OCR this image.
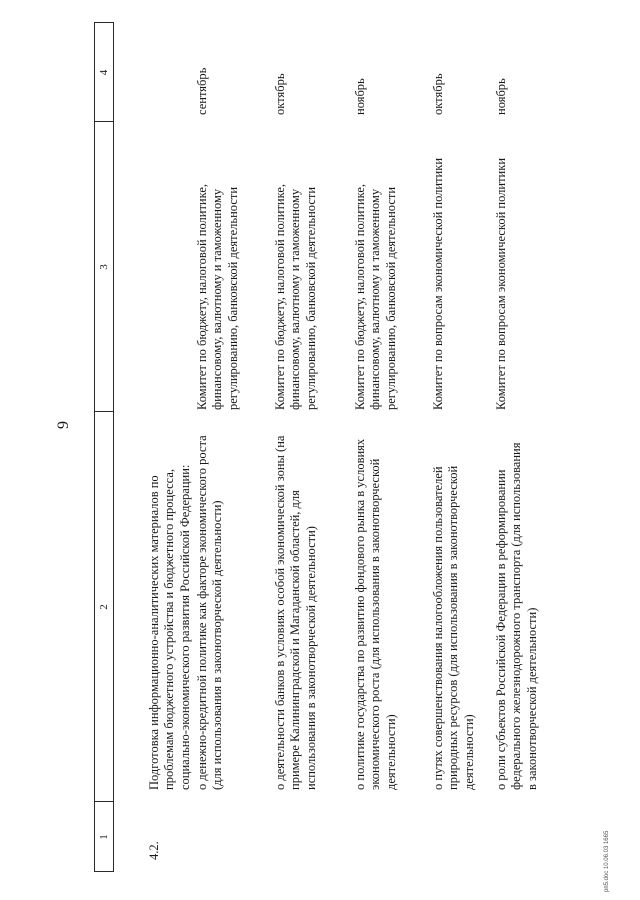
9
1
2
3
4
4.2.
Подготовка информационно-аналитических материалов по проблемам бюджетного устройства и бюджетного процесса, социально-экономического развития Российской Федерации: о денежно-кредитной политике как факторе экономического роста (для использования в законотворческой деятельности)
Комитет по бюджету, налоговой политике, финансовому, валютному и таможенному регулированию, банковской деятельности
сентябрь
о деятельности банков в условиях особой экономической зоны (на примере Калининградской и Магаданской областей, для использования в законотворческой деятельности)
Комитет по бюджету, налоговой политике, финансовому, валютному и таможенному регулированию, банковской деятельности
октябрь
о политике государства по развитию фондового рынка в условиях экономического роста (для использования в законотворческой деятельности)
Комитет по бюджету, налоговой политике, финансовому, валютному и таможенному регулированию, банковской деятельности
ноябрь
о путях совершенствования налогообложения пользователей природных ресурсов (для использования в законотворческой деятельности)
Комитет по вопросам экономической политики
октябрь
о роли субъектов Российской Федерации в реформировании федерального железнодорожного транспорта (для использования в законотворческой деятельности)
Комитет по вопросам экономической политики
ноябрь
рп5.doc 10.06.03 1665
